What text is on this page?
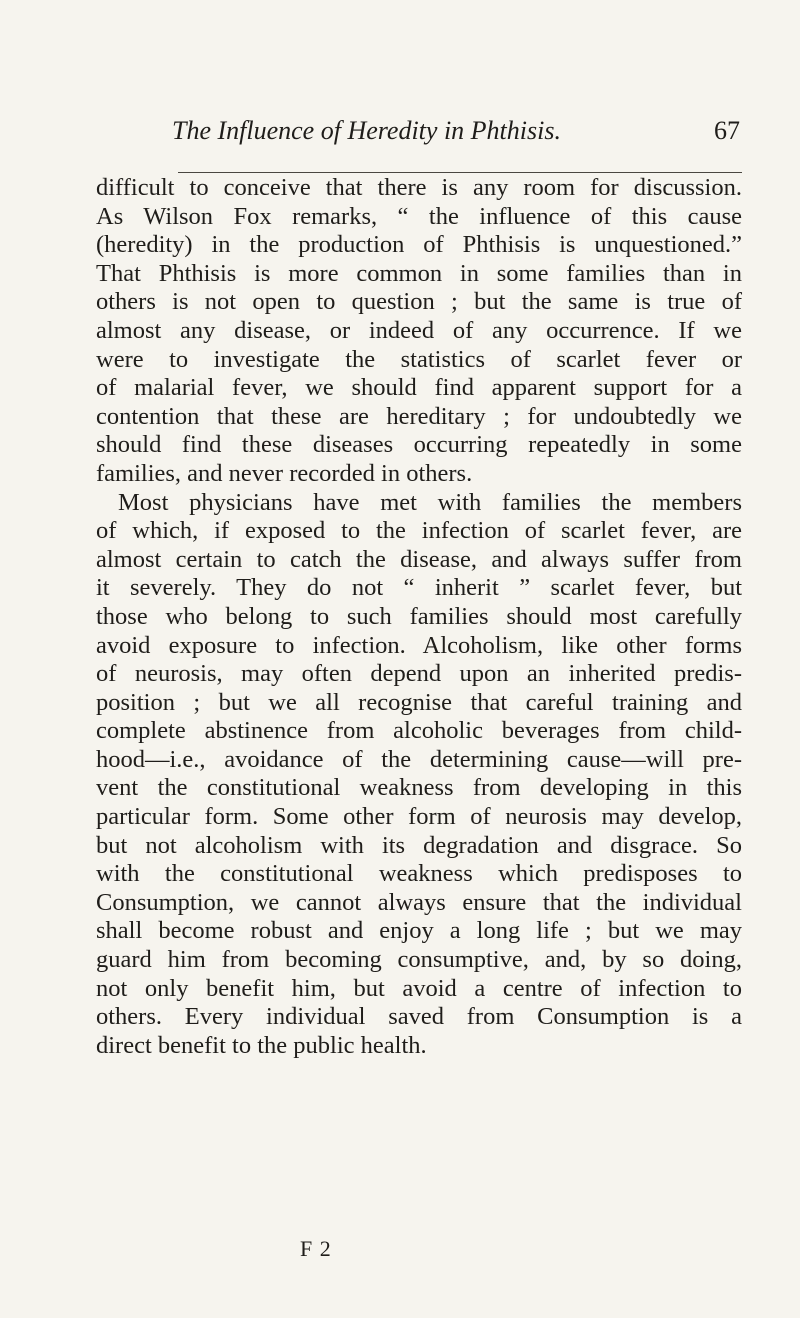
The Influence of Heredity in Phthisis.	67
difficult to conceive that there is any room for discussion.
As Wilson Fox remarks, “ the influence of this cause
(heredity) in the production of Phthisis is unquestioned.”
That Phthisis is more common in some families than in
others is not open to question ; but the same is true of
almost any disease, or indeed of any occurrence. If we
were to investigate the statistics of scarlet fever or
of malarial fever, we should find apparent support for a
contention that these are hereditary ; for undoubtedly we
should find these diseases occurring repeatedly in some
families, and never recorded in others.
Most physicians have met with families the members
of which, if exposed to the infection of scarlet fever, are
almost certain to catch the disease, and always suffer from
it severely. They do not “ inherit ” scarlet fever, but
those who belong to such families should most carefully
avoid exposure to infection. Alcoholism, like other forms
of neurosis, may often depend upon an inherited predis-
position ; but we all recognise that careful training and
complete abstinence from alcoholic beverages from child-
hood—i.e., avoidance of the determining cause—will pre-
vent the constitutional weakness from developing in this
particular form. Some other form of neurosis may develop,
but not alcoholism with its degradation and disgrace. So
with the constitutional weakness which predisposes to
Consumption, we cannot always ensure that the individual
shall become robust and enjoy a long life ; but we may
guard him from becoming consumptive, and, by so doing,
not only benefit him, but avoid a centre of infection to
others. Every individual saved from Consumption is a
direct benefit to the public health.
F 2
